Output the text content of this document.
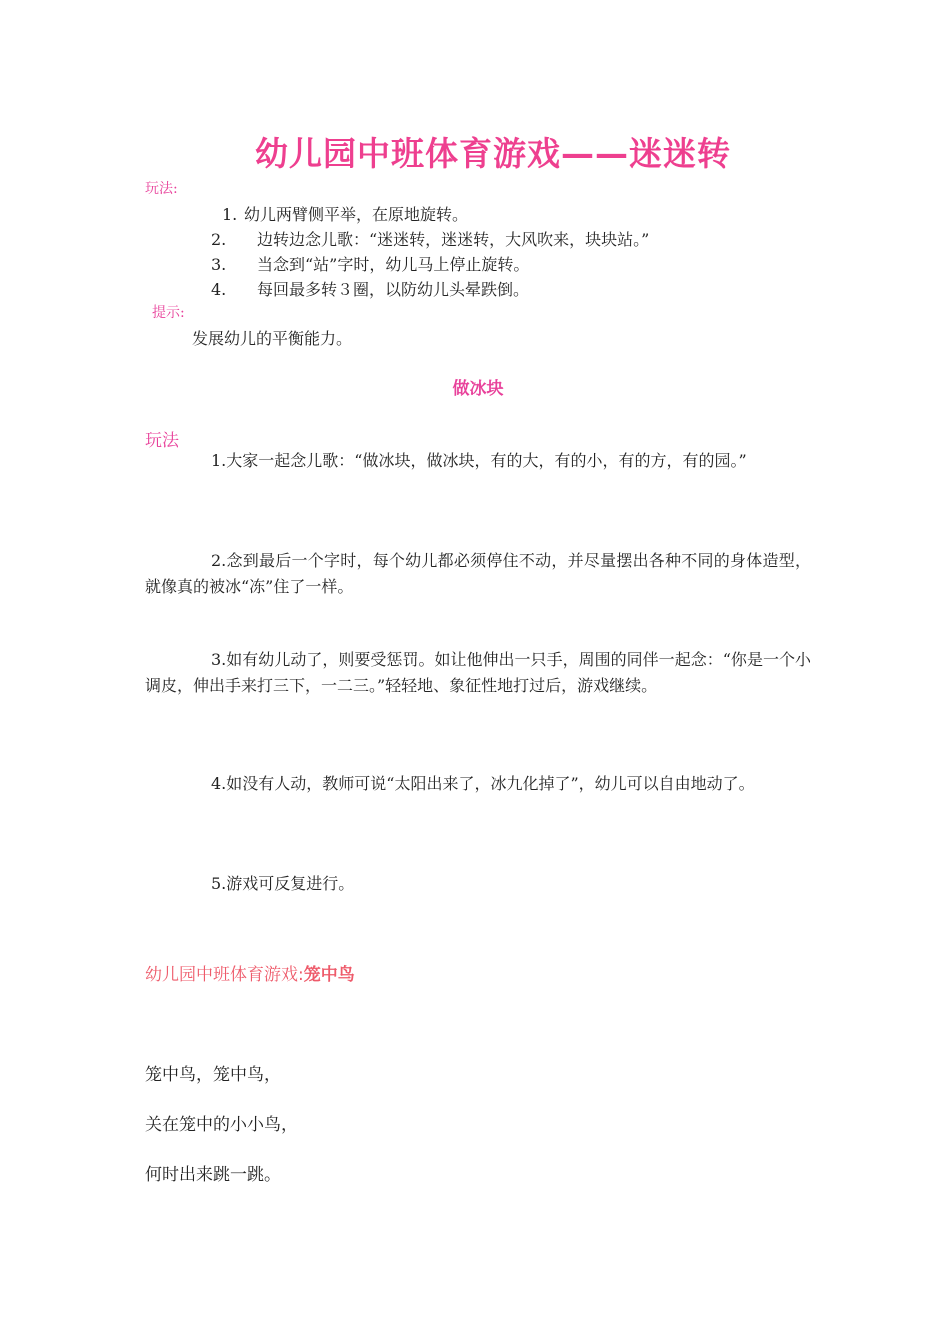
幼儿园中班体育游戏——迷迷转
玩法:
1. 幼儿两臂侧平举，在原地旋转。
2. 边转边念儿歌：“迷迷转，迷迷转，大风吹来，块块站。”
3. 当念到“站”字时，幼儿马上停止旋转。
4. 每回最多转３圈，以防幼儿头晕跌倒。
提示:
发展幼儿的平衡能力。
做冰块
玩法
1.大家一起念儿歌：“做冰块，做冰块，有的大，有的小，有的方，有的园。”
2.念到最后一个字时，每个幼儿都必须停住不动，并尽量摆出各种不同的身体造型，就像真的被冰“冻”住了一样。
3.如有幼儿动了，则要受惩罚。如让他伸出一只手，周围的同伴一起念：“你是一个小调皮，伸出手来打三下，一二三。”轻轻地、象征性地打过后，游戏继续。
4.如没有人动，教师可说“太阳出来了，冰九化掉了”，幼儿可以自由地动了。
5.游戏可反复进行。
幼儿园中班体育游戏:笼中鸟
笼中鸟，笼中鸟，
关在笼中的小小鸟，
何时出来跳一跳。
